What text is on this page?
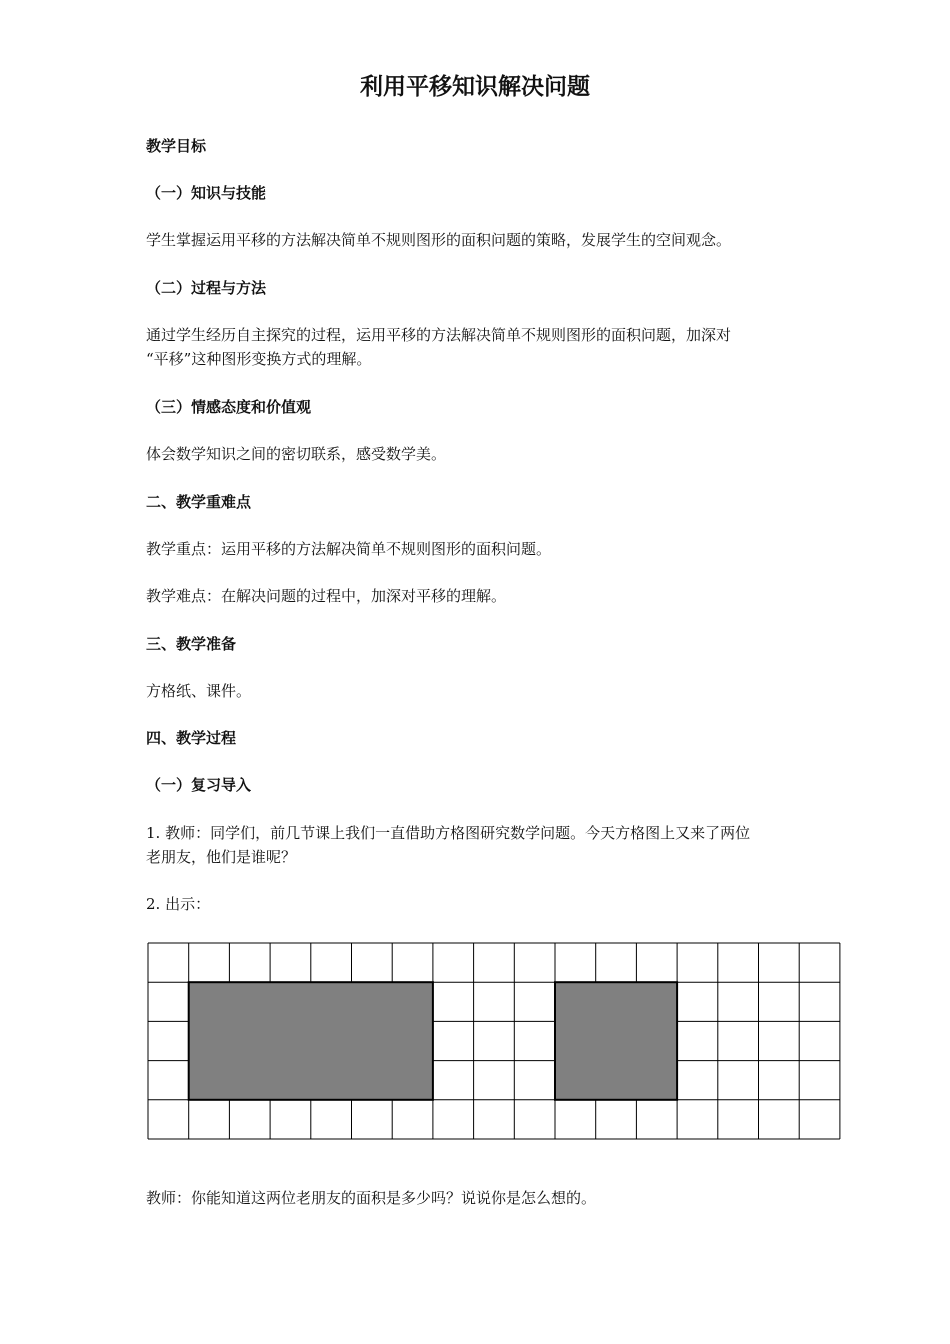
利用平移知识解决问题

教学目标

（一）知识与技能

学生掌握运用平移的方法解决简单不规则图形的面积问题的策略，发展学生的空间观念。

（二）过程与方法

通过学生经历自主探究的过程，运用平移的方法解决简单不规则图形的面积问题，加深对

“平移”这种图形变换方式的理解。

（三）情感态度和价值观

体会数学知识之间的密切联系，感受数学美。

二、教学重难点

教学重点：运用平移的方法解决简单不规则图形的面积问题。

教学难点：在解决问题的过程中，加深对平移的理解。

三、教学准备

方格纸、课件。

四、教学过程

（一）复习导入

1. 教师：同学们，前几节课上我们一直借助方格图研究数学问题。今天方格图上又来了两位

老朋友，他们是谁呢？

2. 出示：

教师：你能知道这两位老朋友的面积是多少吗？说说你是怎么想的。
